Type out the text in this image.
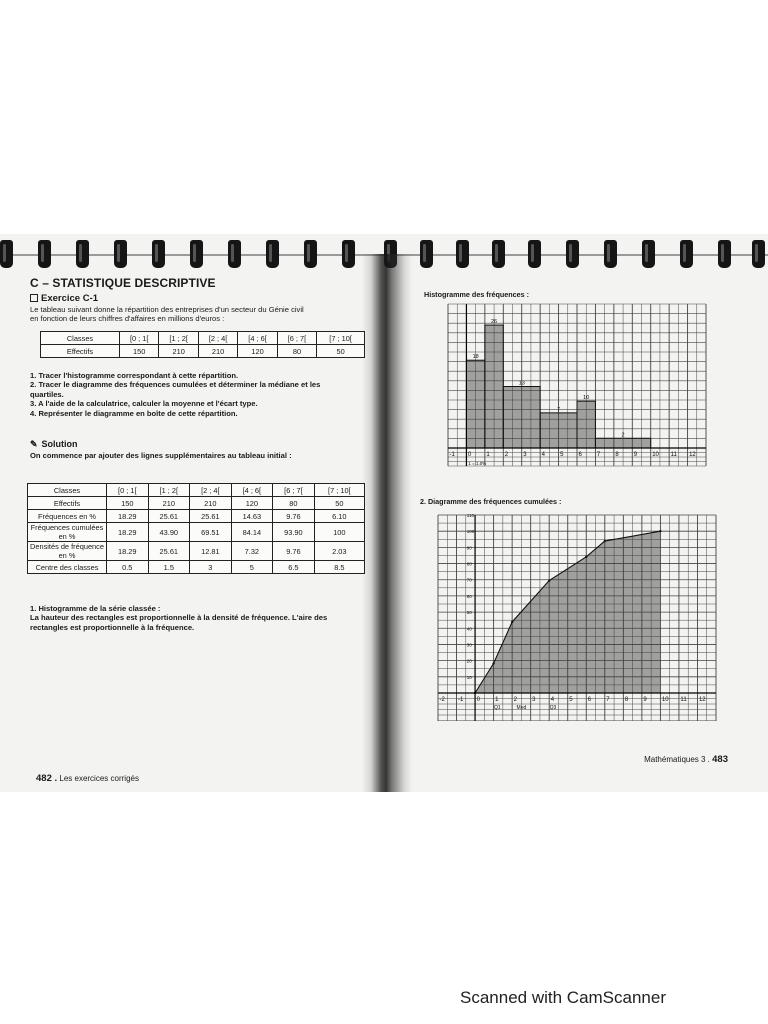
C – STATISTIQUE DESCRIPTIVE
Exercice C-1
Le tableau suivant donne la répartition des entreprises d'un secteur du Génie civil
en fonction de leurs chiffres d'affaires en millions d'euros :
Classes	[0 ; 1[	[1 ; 2[	[2 ; 4[	[4 ; 6[	[6 ; 7[	[7 ; 10[
Effectifs	150	210	210	120	80	50
1. Tracer l'histogramme correspondant à cette répartition.
2. Tracer le diagramme des fréquences cumulées et déterminer la médiane et les
quartiles.
3. A l'aide de la calculatrice, calculer la moyenne et l'écart type.
4. Représenter le diagramme en boîte de cette répartition.
✎ Solution
On commence par ajouter des lignes supplémentaires au tableau initial :
Classes	[0 ; 1[	[1 ; 2[	[2 ; 4[	[4 ; 6[	[6 ; 7[	[7 ; 10[
Effectifs	150	210	210	120	80	50
Fréquences en %	18.29	25.61	25.61	14.63	9.76	6.10
Fréquences cumulées en %	18.29	43.90	69.51	84.14	93.90	100
Densités de fréquence en %	18.29	25.61	12.81	7.32	9.76	2.03
Centre des classes	0.5	1.5	3	5	6.5	8.5
1. Histogramme de la série classée :
La hauteur des rectangles est proportionnelle à la densité de fréquence. L'aire des
rectangles est proportionnelle à la fréquence.
482 . Les exercices corrigés
Histogramme des fréquences :
18
26
13
7
10
2
-1 0	1	2	3	4	5	6	7	8	9	10 11 12
1 = 1.0%
2. Diagramme des fréquences cumulées :
10
20
30
40
50
60
70
80
90
100
110
-2 -1 0	1	2	3	4	5	6	7	8	9	10 11 12
Q1	Med	Q3
Mathématiques 3 . 483
Scanned with CamScanner
